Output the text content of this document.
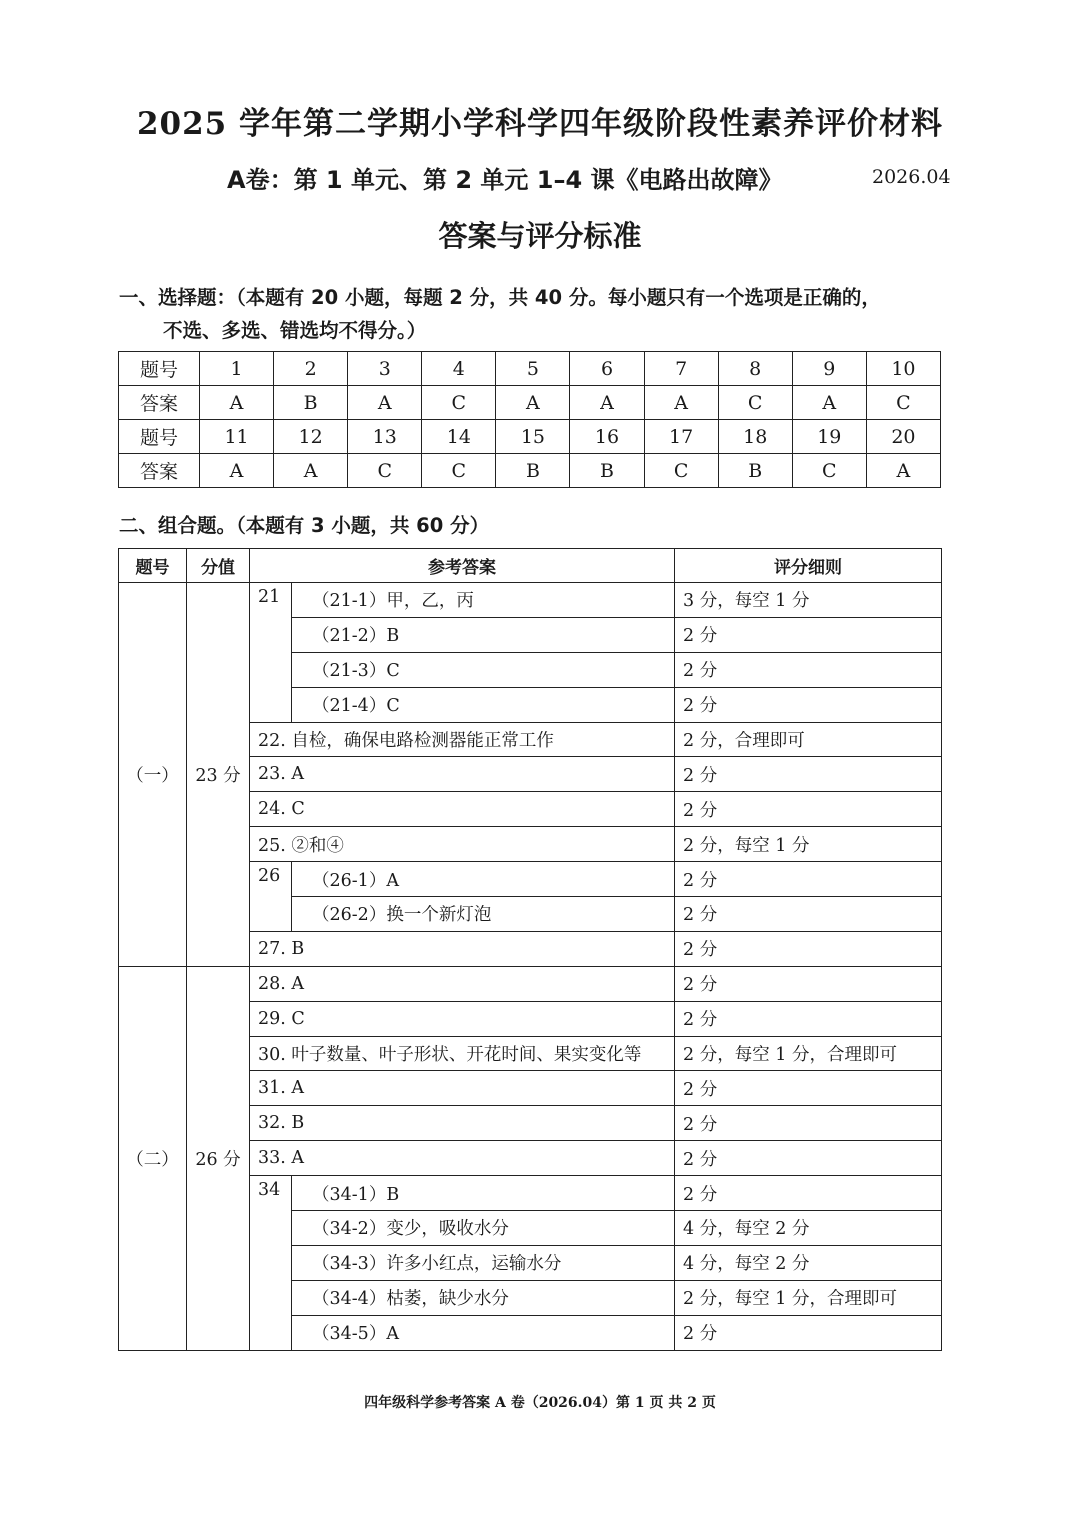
2025 学年第二学期小学科学四年级阶段性素养评价材料
A卷：第 1 单元、第 2 单元 1–4 课《电路出故障》	2026.04
答案与评分标准
一、选择题：（本题有 20 小题，每题 2 分，共 40 分。每小题只有一个选项是正确的，
不选、多选、错选均不得分。）
题号	1	2	3	4	5	6	7	8	9	10
答案	A	B	A	C	A	A	A	C	A	C
题号	11	12	13	14	15	16	17	18	19	20
答案	A	A	C	C	B	B	C	B	C	A
二、组合题。（本题有 3 小题，共 60 分）
题号	分值	参考答案		评分细则
（一）	23 分	21	（21-1）甲，乙，丙	3 分，每空 1 分
			（21-2）B	2 分
			（21-3）C	2 分
			（21-4）C	2 分
		22. 自检，确保电路检测器能正常工作		2 分，合理即可
		23. A		2 分
		24. C		2 分
		25. ②和④		2 分，每空 1 分
		26	（26-1）A	2 分
			（26-2）换一个新灯泡	2 分
		27. B		2 分
（二）	26 分	28. A		2 分
		29. C		2 分
		30. 叶子数量、叶子形状、开花时间、果实变化等		2 分，每空 1 分，合理即可
		31. A		2 分
		32. B		2 分
		33. A		2 分
		34	（34-1）B	2 分
			（34-2）变少，吸收水分	4 分，每空 2 分
			（34-3）许多小红点，运输水分	4 分，每空 2 分
			（34-4）枯萎，缺少水分	2 分，每空 1 分，合理即可
			（34-5）A	2 分
四年级科学参考答案 A 卷（2026.04）第 1 页 共 2 页
